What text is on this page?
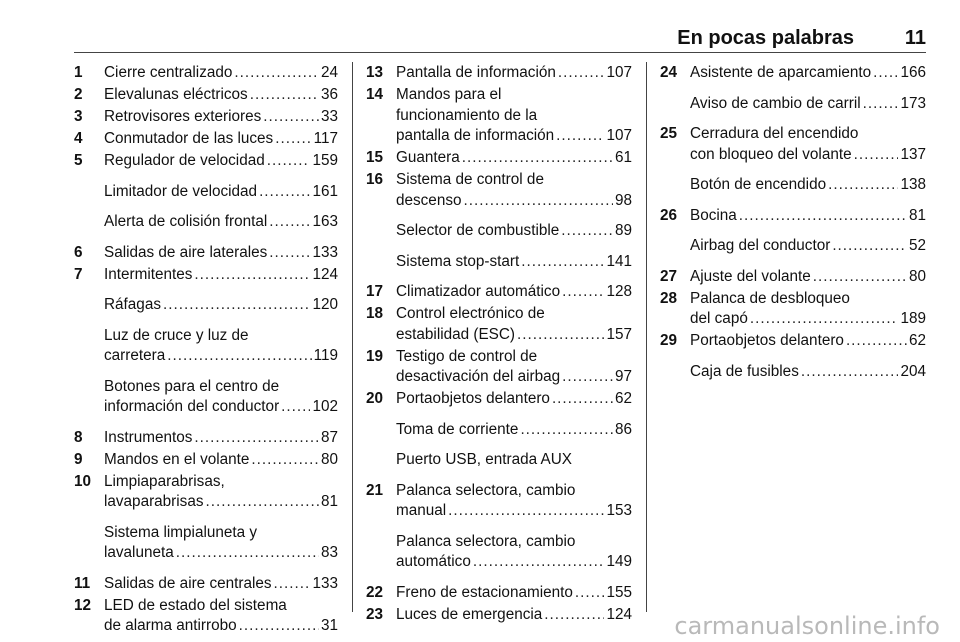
En pocas palabras	11
1 Cierre centralizado .....	24
2 Elevalunas eléctricos .....	36
3 Retrovisores exteriores .....	33
4 Conmutador de las luces .....	117
5 Regulador de velocidad .....	159
Limitador de velocidad .....	161
Alerta de colisión frontal .....	163
6 Salidas de aire laterales .....	133
7 Intermitentes .....	124
Ráfagas .....	120
Luz de cruce y luz de
carretera .....	119
Botones para el centro de
información del conductor ..... 102
8 Instrumentos .....	87
9 Mandos en el volante .....	80
10 Limpiaparabrisas,
lavaparabrisas .....	81
Sistema limpialuneta y
lavaluneta .....	83
11 Salidas de aire centrales .....	133
12 LED de estado del sistema
de alarma antirrobo .....	31
13 Pantalla de información .....	107
14 Mandos para el
funcionamiento de la
pantalla de información .....	107
15 Guantera .....	61
16 Sistema de control de
descenso .....	98
Selector de combustible .....	89
Sistema stop-start .....	141
17 Climatizador automático .....	128
18 Control electrónico de
estabilidad (ESC) .....	157
19 Testigo de control de
desactivación del airbag .....	97
20 Portaobjetos delantero .....	62
Toma de corriente .....	86
Puerto USB, entrada AUX
21 Palanca selectora, cambio
manual .....	153
Palanca selectora, cambio
automático .....	149
22 Freno de estacionamiento ..... 155
23 Luces de emergencia .....	124
24 Asistente de aparcamiento ..... 166
Aviso de cambio de carril .....	173
25 Cerradura del encendido
con bloqueo del volante .....	137
Botón de encendido .....	138
26 Bocina .....	81
Airbag del conductor .....	52
27 Ajuste del volante .....	80
28 Palanca de desbloqueo
del capó .....	189
29 Portaobjetos delantero .....	62
Caja de fusibles .....	204
carmanualsonline.info
